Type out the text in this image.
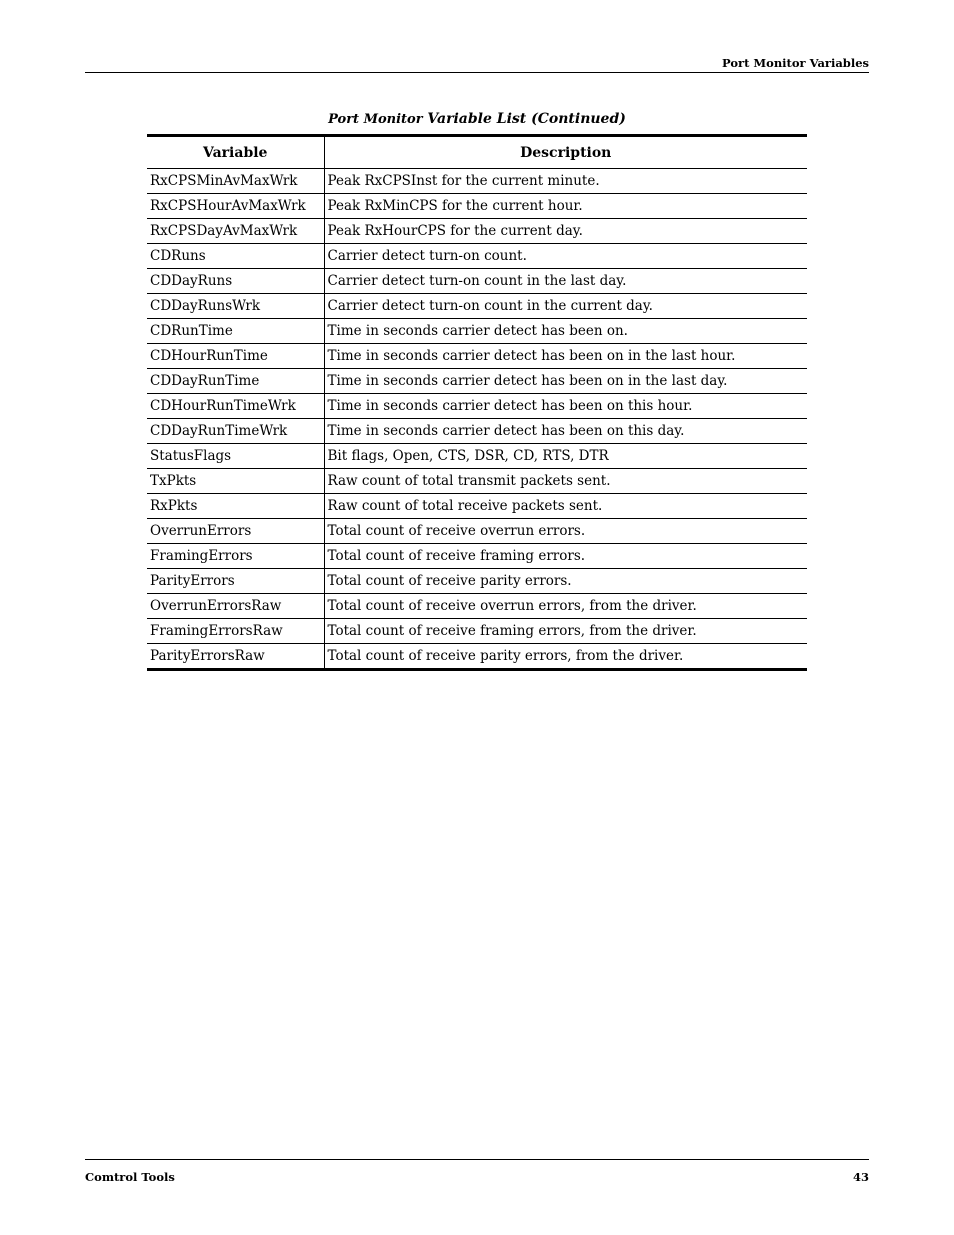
Port Monitor Variables
Port Monitor Variable List (Continued)
Variable	Description
RxCPSMinAvMaxWrk	Peak RxCPSInst for the current minute.
RxCPSHourAvMaxWrk	Peak RxMinCPS for the current hour.
RxCPSDayAvMaxWrk	Peak RxHourCPS for the current day.
CDRuns	Carrier detect turn-on count.
CDDayRuns	Carrier detect turn-on count in the last day.
CDDayRunsWrk	Carrier detect turn-on count in the current day.
CDRunTime	Time in seconds carrier detect has been on.
CDHourRunTime	Time in seconds carrier detect has been on in the last hour.
CDDayRunTime	Time in seconds carrier detect has been on in the last day.
CDHourRunTimeWrk	Time in seconds carrier detect has been on this hour.
CDDayRunTimeWrk	Time in seconds carrier detect has been on this day.
StatusFlags	Bit flags, Open, CTS, DSR, CD, RTS, DTR
TxPkts	Raw count of total transmit packets sent.
RxPkts	Raw count of total receive packets sent.
OverrunErrors	Total count of receive overrun errors.
FramingErrors	Total count of receive framing errors.
ParityErrors	Total count of receive parity errors.
OverrunErrorsRaw	Total count of receive overrun errors, from the driver.
FramingErrorsRaw	Total count of receive framing errors, from the driver.
ParityErrorsRaw	Total count of receive parity errors, from the driver.
Comtrol Tools	43
